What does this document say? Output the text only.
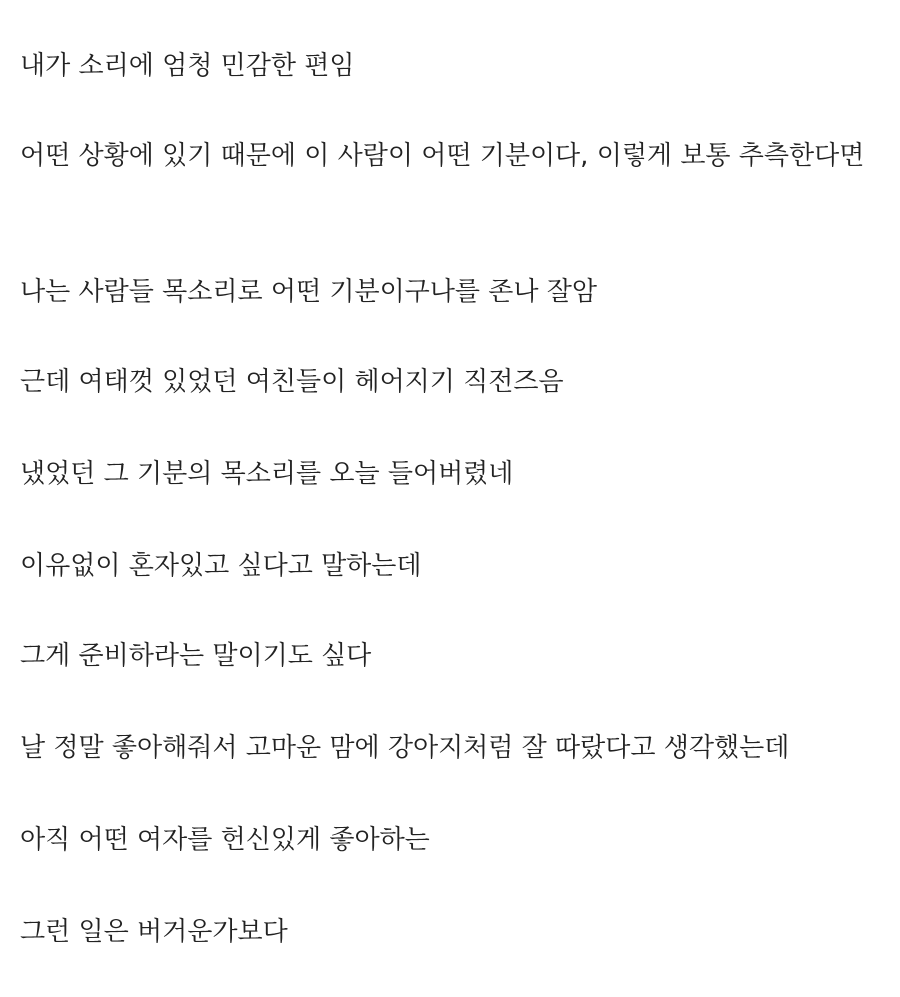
내가 소리에 엄청 민감한 편임

어떤 상황에 있기 때문에 이 사람이 어떤 기분이다, 이렇게 보통 추측한다면

나는 사람들 목소리로 어떤 기분이구나를 존나 잘암

근데 여태껏 있었던 여친들이 헤어지기 직전즈음

냈었던 그 기분의 목소리를 오늘 들어버렸네

이유없이 혼자있고 싶다고 말하는데

그게 준비하라는 말이기도 싶다

날 정말 좋아해줘서 고마운 맘에 강아지처럼 잘 따랐다고 생각했는데

아직 어떤 여자를 헌신있게 좋아하는

그런 일은 버거운가보다
